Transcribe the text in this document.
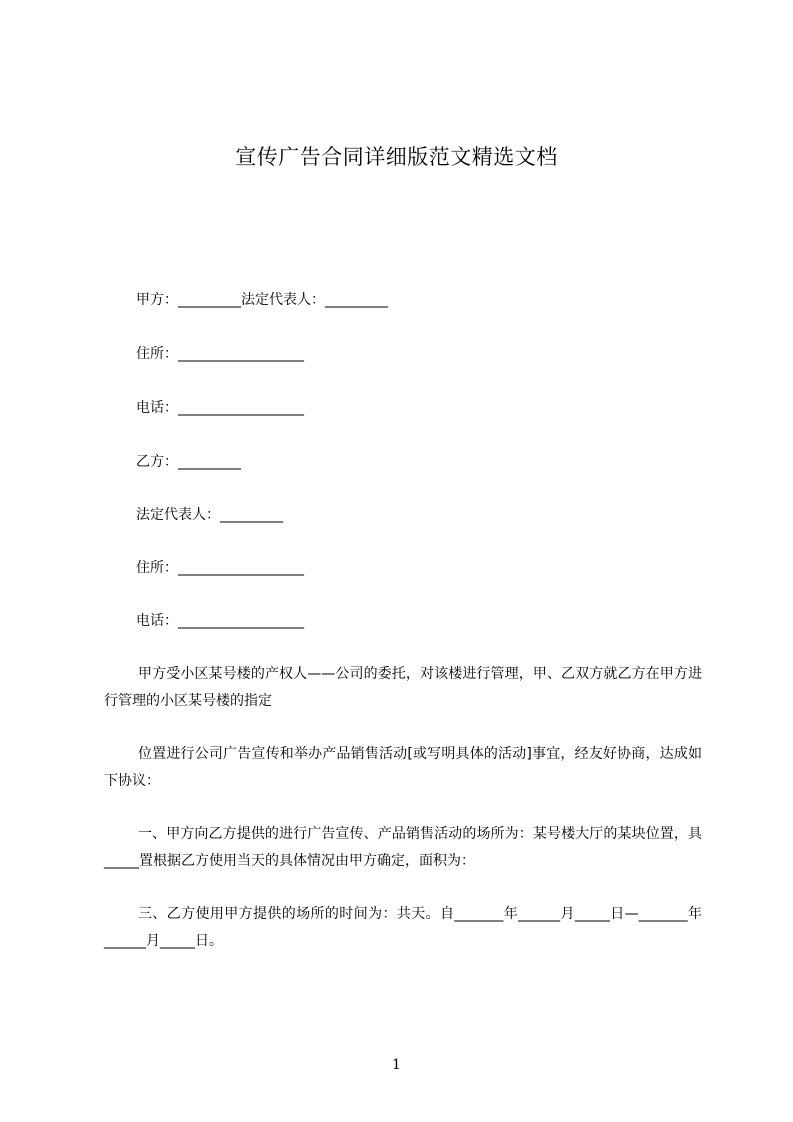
宣传广告合同详细版范文精选文档
甲方：_________法定代表人：_________
住所：__________________
电话：__________________
乙方：_________
法定代表人：_________
住所：__________________
电话：__________________
甲方受小区某号楼的产权人——公司的委托，对该楼进行管理，甲、乙双方就乙方在甲方进行管理的小区某号楼的指定
位置进行公司广告宣传和举办产品销售活动[或写明具体的活动]事宜，经友好协商，达成如下协议：
一、甲方向乙方提供的进行广告宣传、产品销售活动的场所为：某号楼大厅的某块位置，具_____置根据乙方使用当天的具体情况由甲方确定，面积为：
三、乙方使用甲方提供的场所的时间为：共天。自_______年______月_____日—_______年______月_____日。
1
